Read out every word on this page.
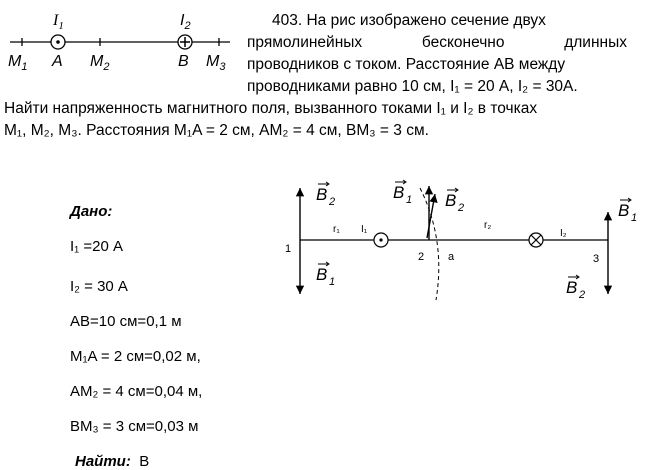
$I_1$	$I_2$
$M_1$ A $M_2$	B $M_3$
403. На рис изображено сечение двух
прямолинейных	бесконечно	длинных
проводников с током. Расстояние AB между
проводниками равно 10 см, I₁ = 20 А, I₂ = 30А.
Найти напряженность магнитного поля, вызванного токами I₁ и I₂ в точках
M₁, M₂, M₃. Расстояния M₁A = 2 см, AM₂ = 4 см, BM₃ = 3 см.
Дано:
I₁ =20 А
I₂ = 30 А
AB=10 см=0,1 м
M₁A = 2 см=0,02 м,
AM₂ = 4 см=0,04 м,
BM₃ = 3 см=0,03 м
Найти: B
B 2
B 1
B 1 B 2	B 1
B 2
r₁ I₁	r₂
I₂
1
2 a	3
